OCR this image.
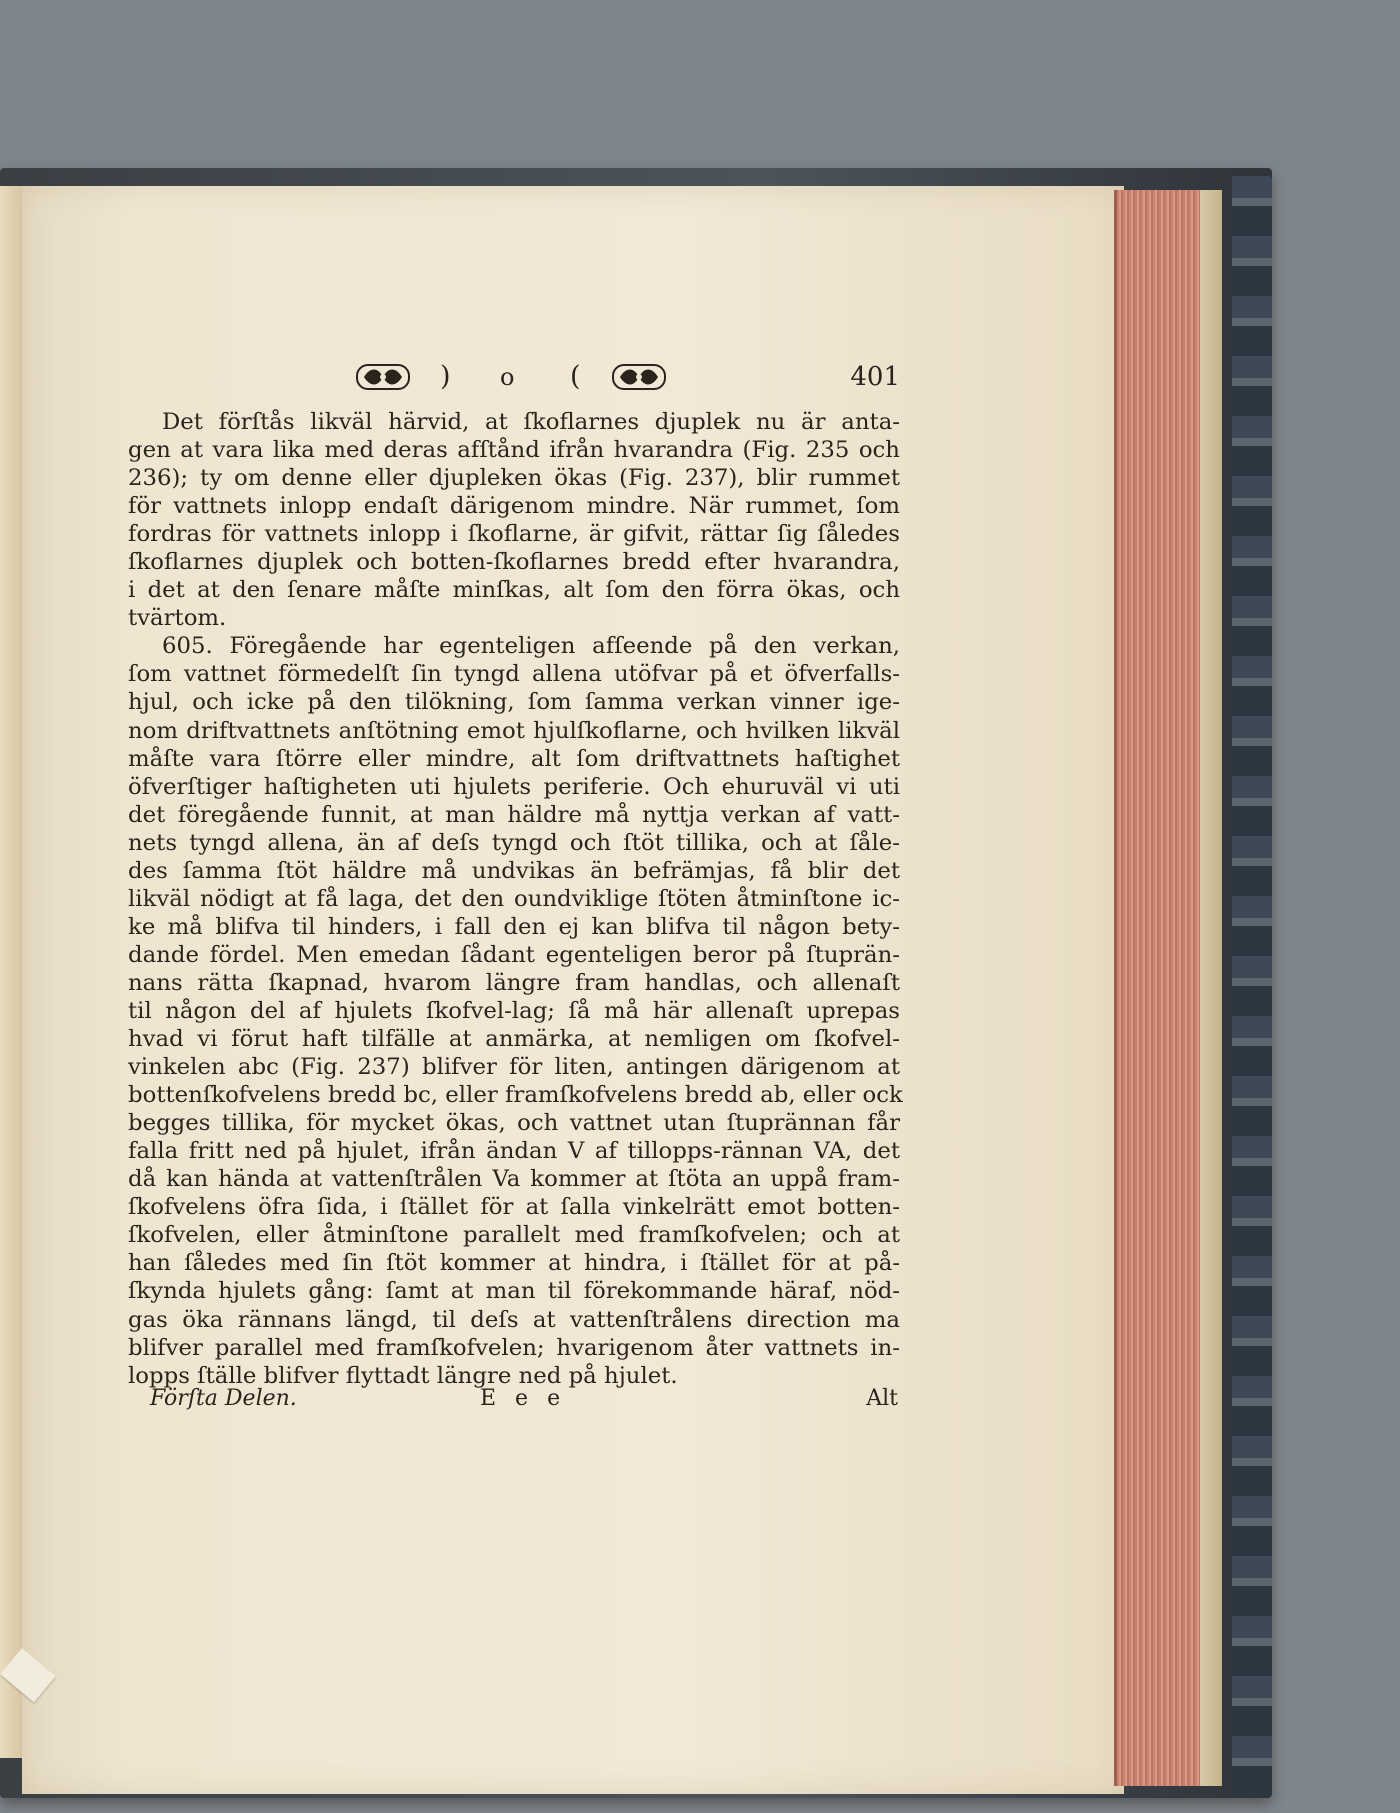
) o (	401
Det förſtås likväl härvid, at ſkoflarnes djuplek nu är anta-
gen at vara lika med deras afſtånd ifrån hvarandra (Fig. 235 och
236); ty om denne eller djupleken ökas (Fig. 237), blir rummet
för vattnets inlopp endaſt därigenom mindre. När rummet, ſom
fordras för vattnets inlopp i ſkoflarne, är gifvit, rättar ſig ſåledes
ſkoflarnes djuplek och botten-ſkoflarnes bredd efter hvarandra,
i det at den ſenare måſte minſkas, alt ſom den förra ökas, och
tvärtom.
605. Föregående har egenteligen afſeende på den verkan,
ſom vattnet förmedelſt ſin tyngd allena utöfvar på et öfverfalls-
hjul, och icke på den tilökning, ſom ſamma verkan vinner ige-
nom driftvattnets anſtötning emot hjulſkoflarne, och hvilken likväl
måſte vara ſtörre eller mindre, alt ſom driftvattnets haſtighet
öfverſtiger haſtigheten uti hjulets periferie. Och ehuruväl vi uti
det föregående funnit, at man häldre må nyttja verkan af vatt-
nets tyngd allena, än af deſs tyngd och ſtöt tillika, och at ſåle-
des ſamma ſtöt häldre må undvikas än befrämjas, få blir det
likväl nödigt at få laga, det den oundviklige ſtöten åtminſtone ic-
ke må blifva til hinders, i fall den ej kan blifva til någon bety-
dande fördel. Men emedan ſådant egenteligen beror på ſtuprän-
nans rätta ſkapnad, hvarom längre fram handlas, och allenaſt
til någon del af hjulets ſkofvel-lag; ſå må här allenaſt uprepas
hvad vi förut haft tilfälle at anmärka, at nemligen om ſkofvel-
vinkelen abc (Fig. 237) blifver för liten, antingen därigenom at
bottenſkofvelens bredd bc, eller framſkofvelens bredd ab, eller ock
begges tillika, för mycket ökas, och vattnet utan ſtuprännan får
falla fritt ned på hjulet, ifrån ändan V af tillopps-rännan VA, det
då kan hända at vattenſtrålen Va kommer at ſtöta an uppå fram-
ſkofvelens öfra ſida, i ſtället för at ſalla vinkelrätt emot botten-
ſkofvelen, eller åtminſtone parallelt med framſkofvelen; och at
han ſåledes med ſin ſtöt kommer at hindra, i ſtället för at på-
ſkynda hjulets gång: ſamt at man til förekommande häraf, nöd-
gas öka rännans längd, til deſs at vattenſtrålens direction ma
blifver parallel med framſkofvelen; hvarigenom åter vattnets in-
lopps ſtälle blifver flyttadt längre ned på hjulet.
Förſta Delen.	E e e	Alt
